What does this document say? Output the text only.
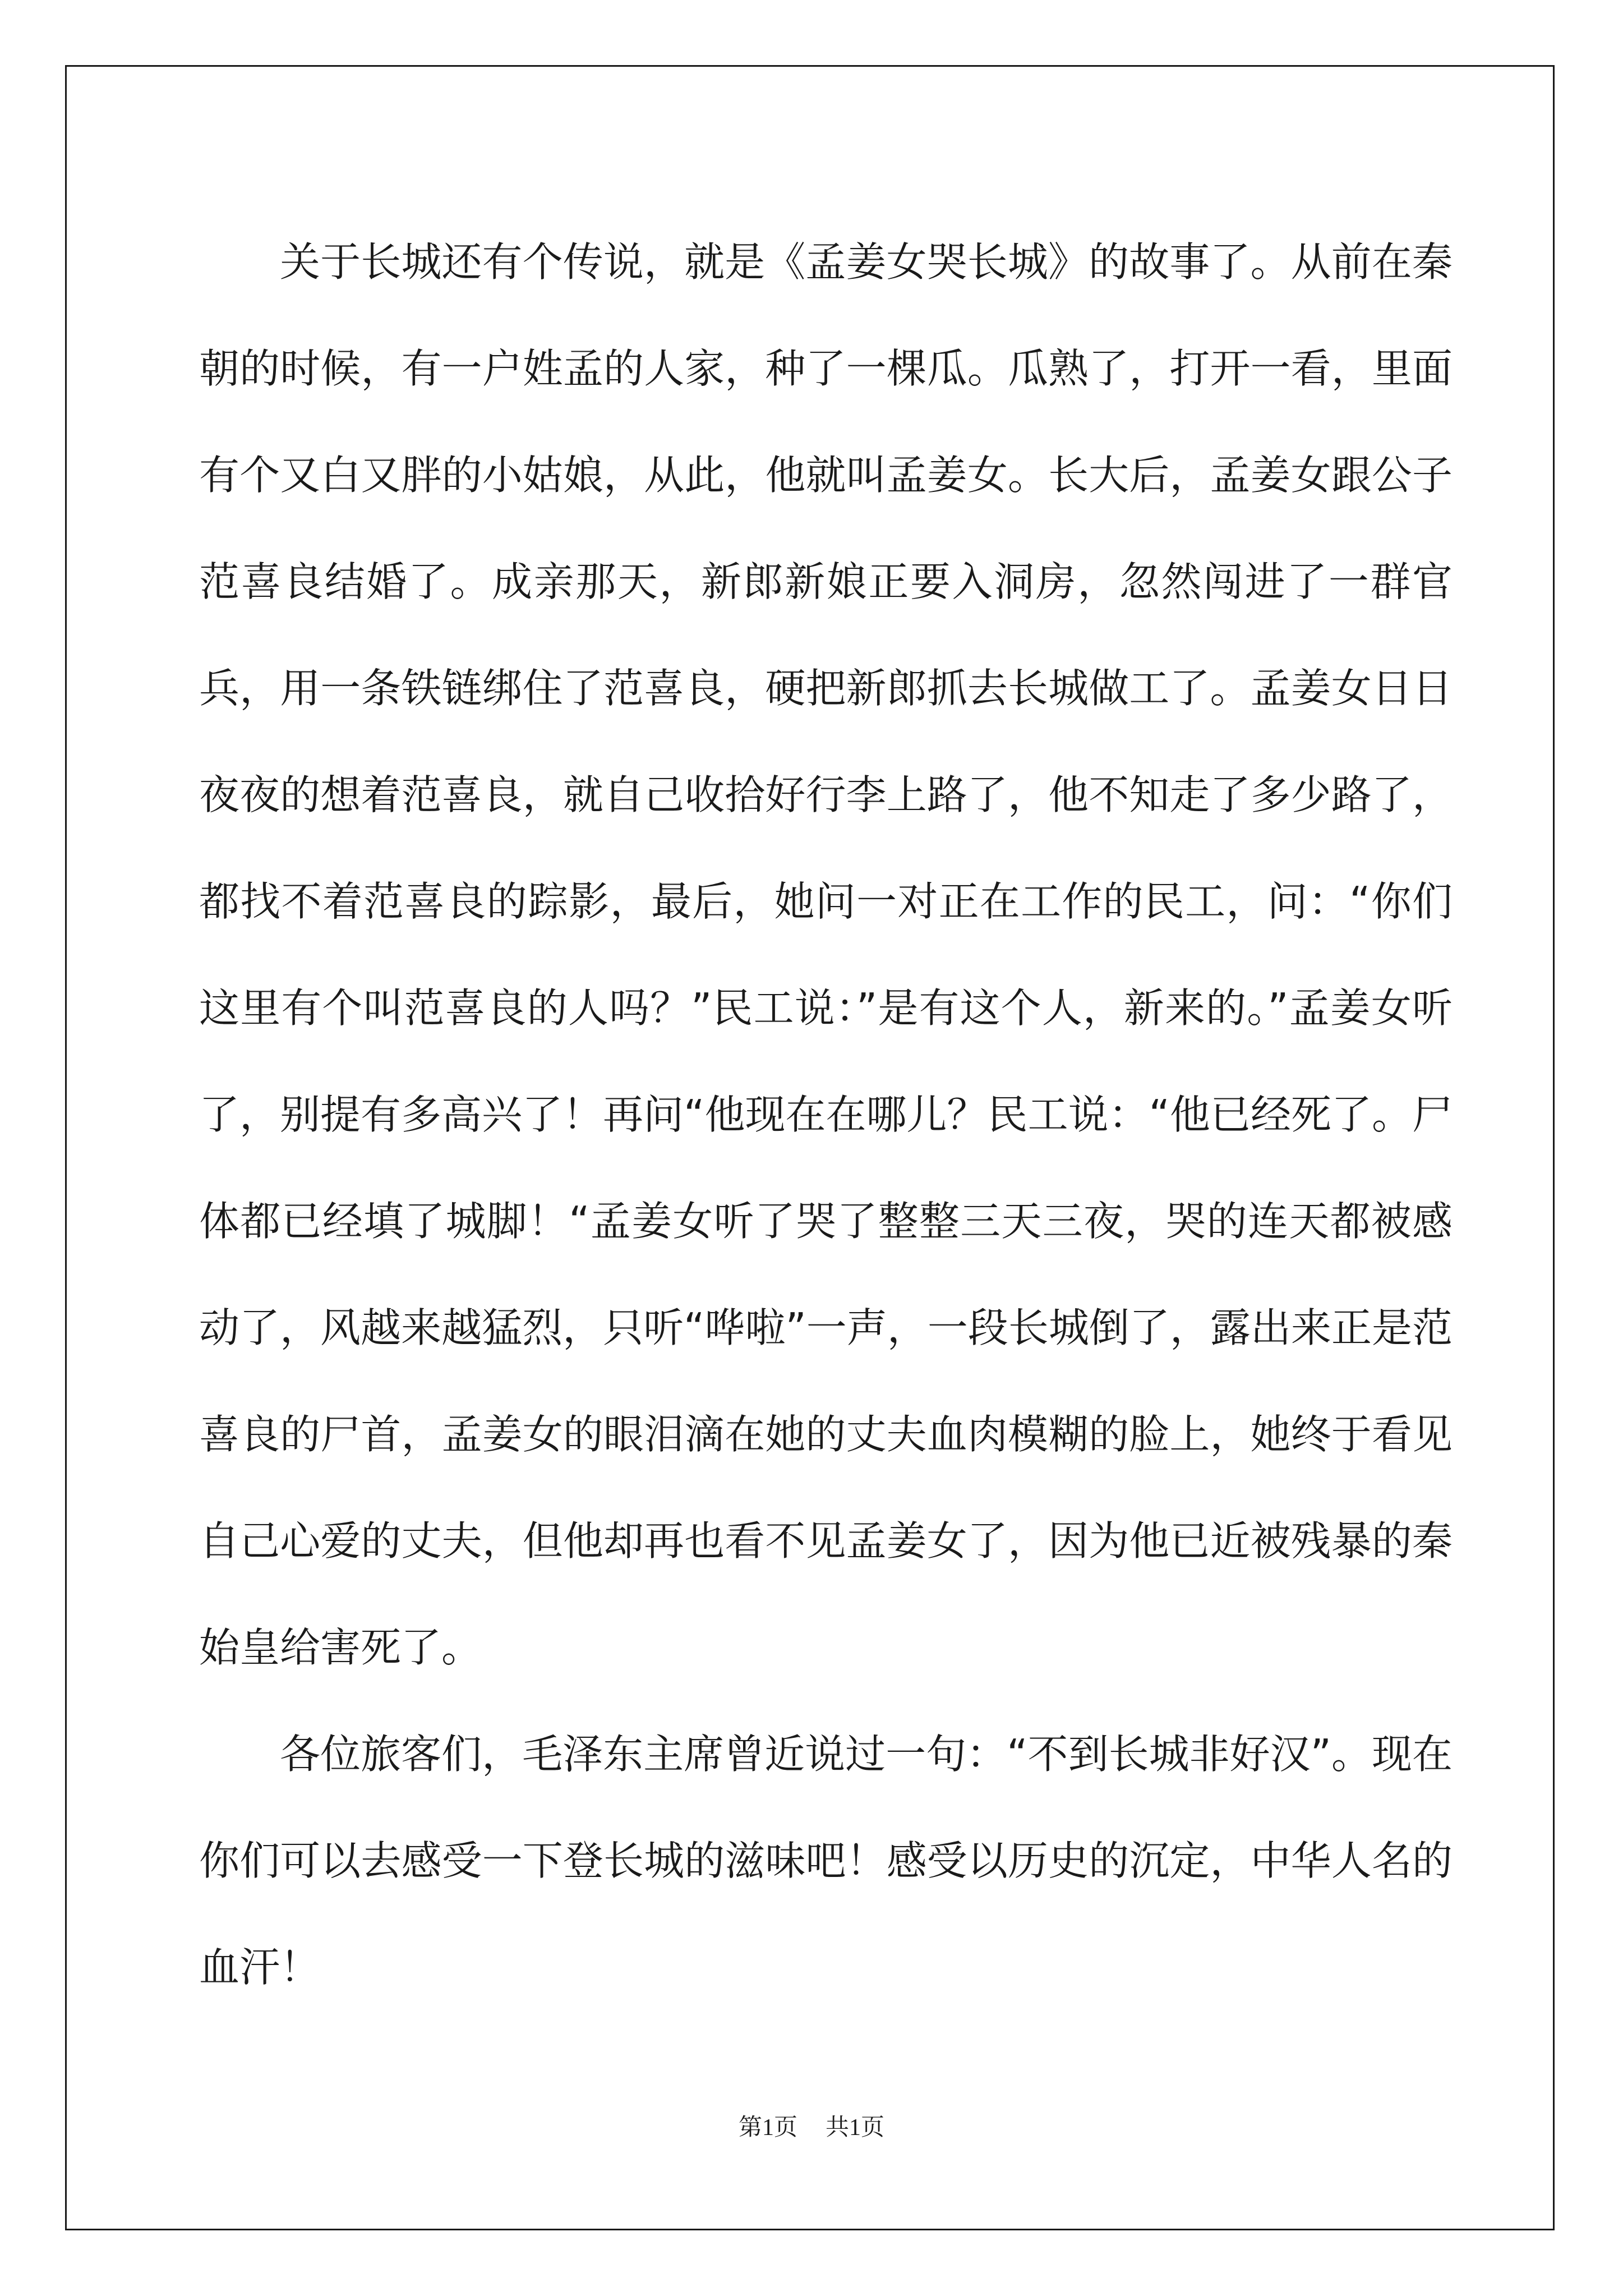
关于长城还有个传说，就是《孟姜女哭长城》的故事了。从前在秦朝的时候，有一户姓孟的人家，种了一棵瓜。瓜熟了，打开一看，里面有个又白又胖的小姑娘，从此，他就叫孟姜女。长大后，孟姜女跟公子范喜良结婚了。成亲那天，新郎新娘正要入洞房，忽然闯进了一群官兵，用一条铁链绑住了范喜良，硬把新郎抓去长城做工了。孟姜女日日夜夜的想着范喜良，就自己收拾好行李上路了，他不知走了多少路了，都找不着范喜良的踪影，最后，她问一对正在工作的民工，问：“你们这里有个叫范喜良的人吗？”民工说：”是有这个人，新来的。”孟姜女听了，别提有多高兴了！再问“他现在在哪儿？民工说：“他已经死了。尸体都已经填了城脚！“孟姜女听了哭了整整三天三夜，哭的连天都被感动了，风越来越猛烈，只听“哗啦”一声，一段长城倒了，露出来正是范喜良的尸首，孟姜女的眼泪滴在她的丈夫血肉模糊的脸上，她终于看见自己心爱的丈夫，但他却再也看不见孟姜女了，因为他已近被残暴的秦始皇给害死了。

各位旅客们，毛泽东主席曾近说过一句：“不到长城非好汉”。现在你们可以去感受一下登长城的滋味吧！感受以历史的沉定，中华人名的血汗！

第1页 共1页
